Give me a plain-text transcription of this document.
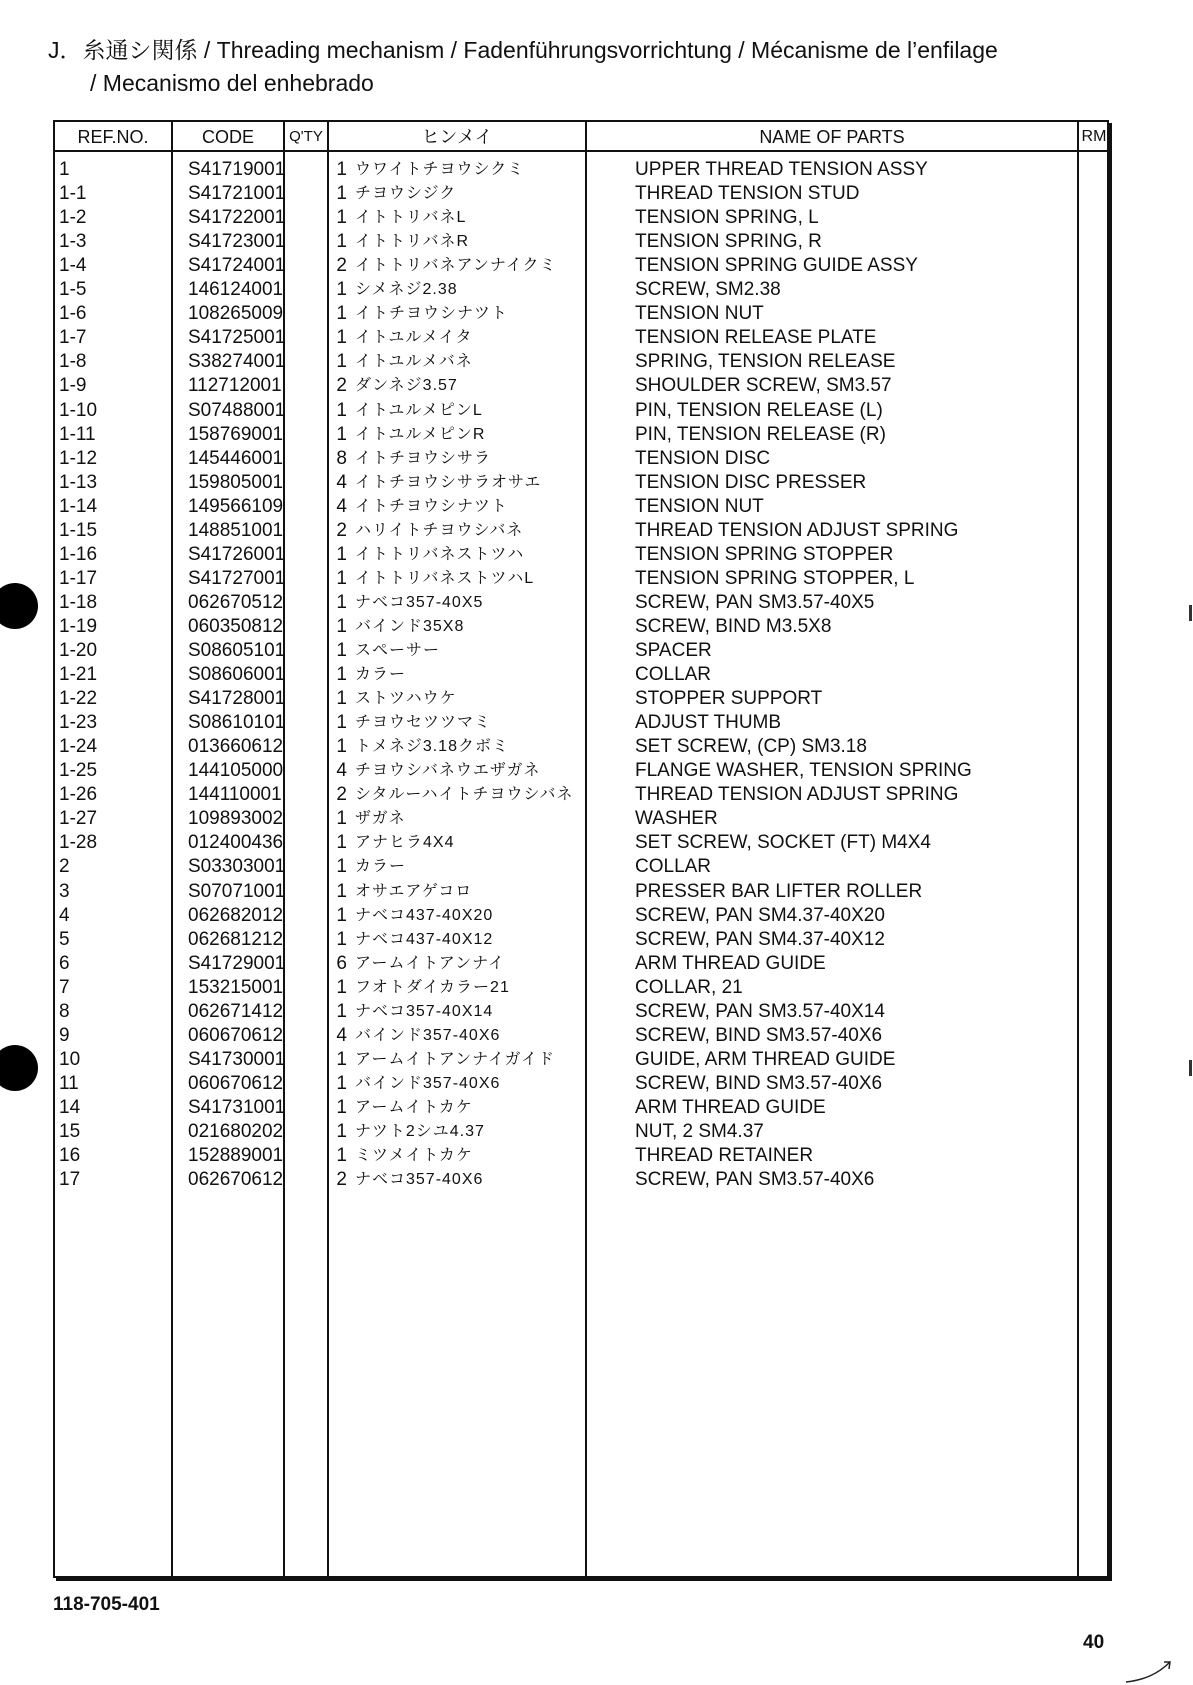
J．糸通シ関係 / Threading mechanism / Fadenführungsvorrichtung / Mécanisme de l’enfilage
/ Mecanismo del enhebrado
REF.NO.	CODE	Q'TY	ヒンメイ	NAME OF PARTS	RM
1	S41719001	1 ウワイトチヨウシクミ	UPPER THREAD TENSION ASSY
1-1	S41721001	1 チヨウシジク	THREAD TENSION STUD
1-2	S41722001	1 イトトリバネL	TENSION SPRING, L
1-3	S41723001	1 イトトリバネR	TENSION SPRING, R
1-4	S41724001	2 イトトリバネアンナイクミ	TENSION SPRING GUIDE ASSY
1-5	146124001	1 シメネジ2.38	SCREW, SM2.38
1-6	108265009	1 イトチヨウシナツト	TENSION NUT
1-7	S41725001	1 イトユルメイタ	TENSION RELEASE PLATE
1-8	S38274001	1 イトユルメバネ	SPRING, TENSION RELEASE
1-9	112712001	2 ダンネジ3.57	SHOULDER SCREW, SM3.57
1-10	S07488001	1 イトユルメピンL	PIN, TENSION RELEASE (L)
1-11	158769001	1 イトユルメピンR	PIN, TENSION RELEASE (R)
1-12	145446001	8 イトチヨウシサラ	TENSION DISC
1-13	159805001	4 イトチヨウシサラオサエ	TENSION DISC PRESSER
1-14	149566109	4 イトチヨウシナツト	TENSION NUT
1-15	148851001	2 ハリイトチヨウシバネ	THREAD TENSION ADJUST SPRING
1-16	S41726001	1 イトトリバネストツハ	TENSION SPRING STOPPER
1-17	S41727001	1 イトトリバネストツハL	TENSION SPRING STOPPER, L
1-18	062670512	1 ナベコ357-40X5	SCREW, PAN SM3.57-40X5
1-19	060350812	1 バインド35X8	SCREW, BIND M3.5X8
1-20	S08605101	1 スペーサー	SPACER
1-21	S08606001	1 カラー	COLLAR
1-22	S41728001	1 ストツハウケ	STOPPER SUPPORT
1-23	S08610101	1 チヨウセツツマミ	ADJUST THUMB
1-24	013660612	1 トメネジ3.18クボミ	SET SCREW, (CP) SM3.18
1-25	144105000	4 チヨウシバネウエザガネ	FLANGE WASHER, TENSION SPRING
1-26	144110001	2 シタルーハイトチヨウシバネ	THREAD TENSION ADJUST SPRING
1-27	109893002	1 ザガネ	WASHER
1-28	012400436	1 アナヒラ4X4	SET SCREW, SOCKET (FT) M4X4
2	S03303001	1 カラー	COLLAR
3	S07071001	1 オサエアゲコロ	PRESSER BAR LIFTER ROLLER
4	062682012	1 ナベコ437-40X20	SCREW, PAN SM4.37-40X20
5	062681212	1 ナベコ437-40X12	SCREW, PAN SM4.37-40X12
6	S41729001	6 アームイトアンナイ	ARM THREAD GUIDE
7	153215001	1 フオトダイカラー21	COLLAR, 21
8	062671412	1 ナベコ357-40X14	SCREW, PAN SM3.57-40X14
9	060670612	4 バインド357-40X6	SCREW, BIND SM3.57-40X6
10	S41730001	1 アームイトアンナイガイド	GUIDE, ARM THREAD GUIDE
11	060670612	1 バインド357-40X6	SCREW, BIND SM3.57-40X6
14	S41731001	1 アームイトカケ	ARM THREAD GUIDE
15	021680202	1 ナツト2シユ4.37	NUT, 2 SM4.37
16	152889001	1 ミツメイトカケ	THREAD RETAINER
17	062670612	2 ナベコ357-40X6	SCREW, PAN SM3.57-40X6
118-705-401
40
